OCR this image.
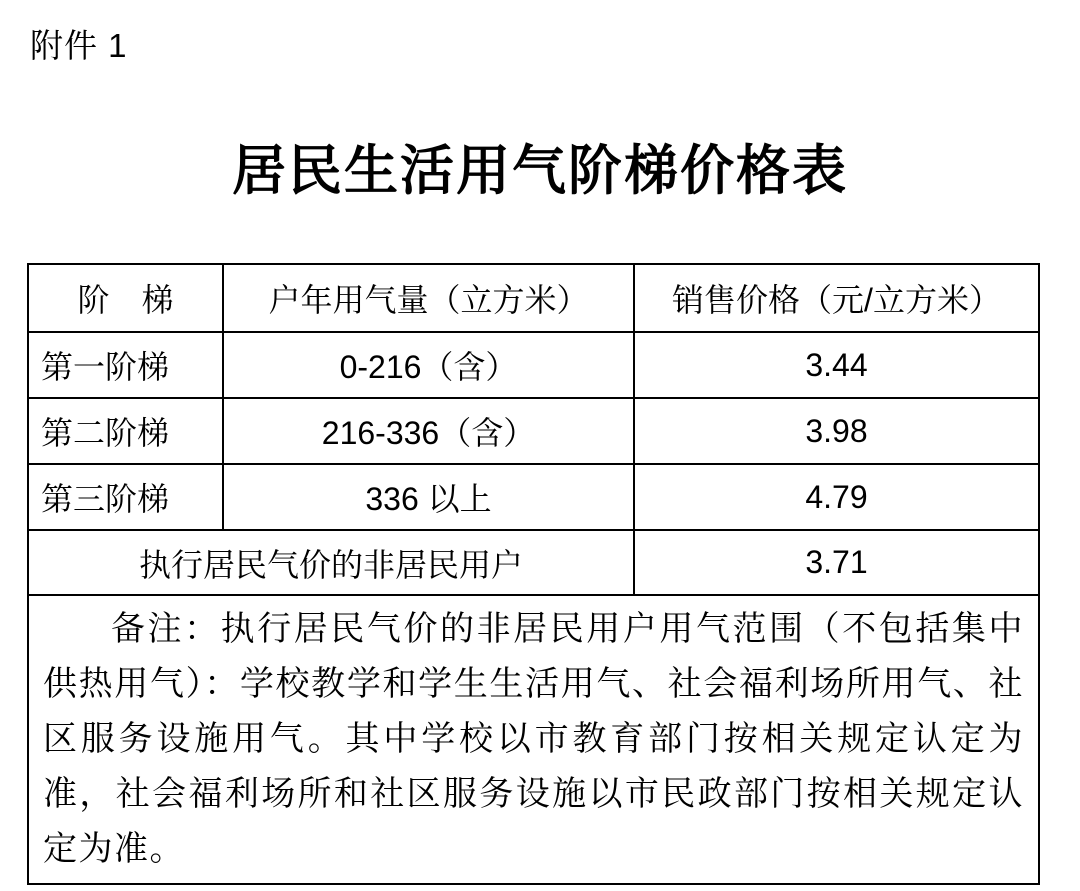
附件 1
居民生活用气阶梯价格表
阶　梯	户年用气量（立方米）	销售价格（元/立方米）
第一阶梯	0-216（含）	3.44
第二阶梯	216-336（含）	3.98
第三阶梯	336 以上	4.79
执行居民气价的非居民用户		3.71
备注：执行居民气价的非居民用户用气范围（不包括集中供热用气）：学校教学和学生生活用气、社会福利场所用气、社区服务设施用气。其中学校以市教育部门按相关规定认定为准，社会福利场所和社区服务设施以市民政部门按相关规定认定为准。		
